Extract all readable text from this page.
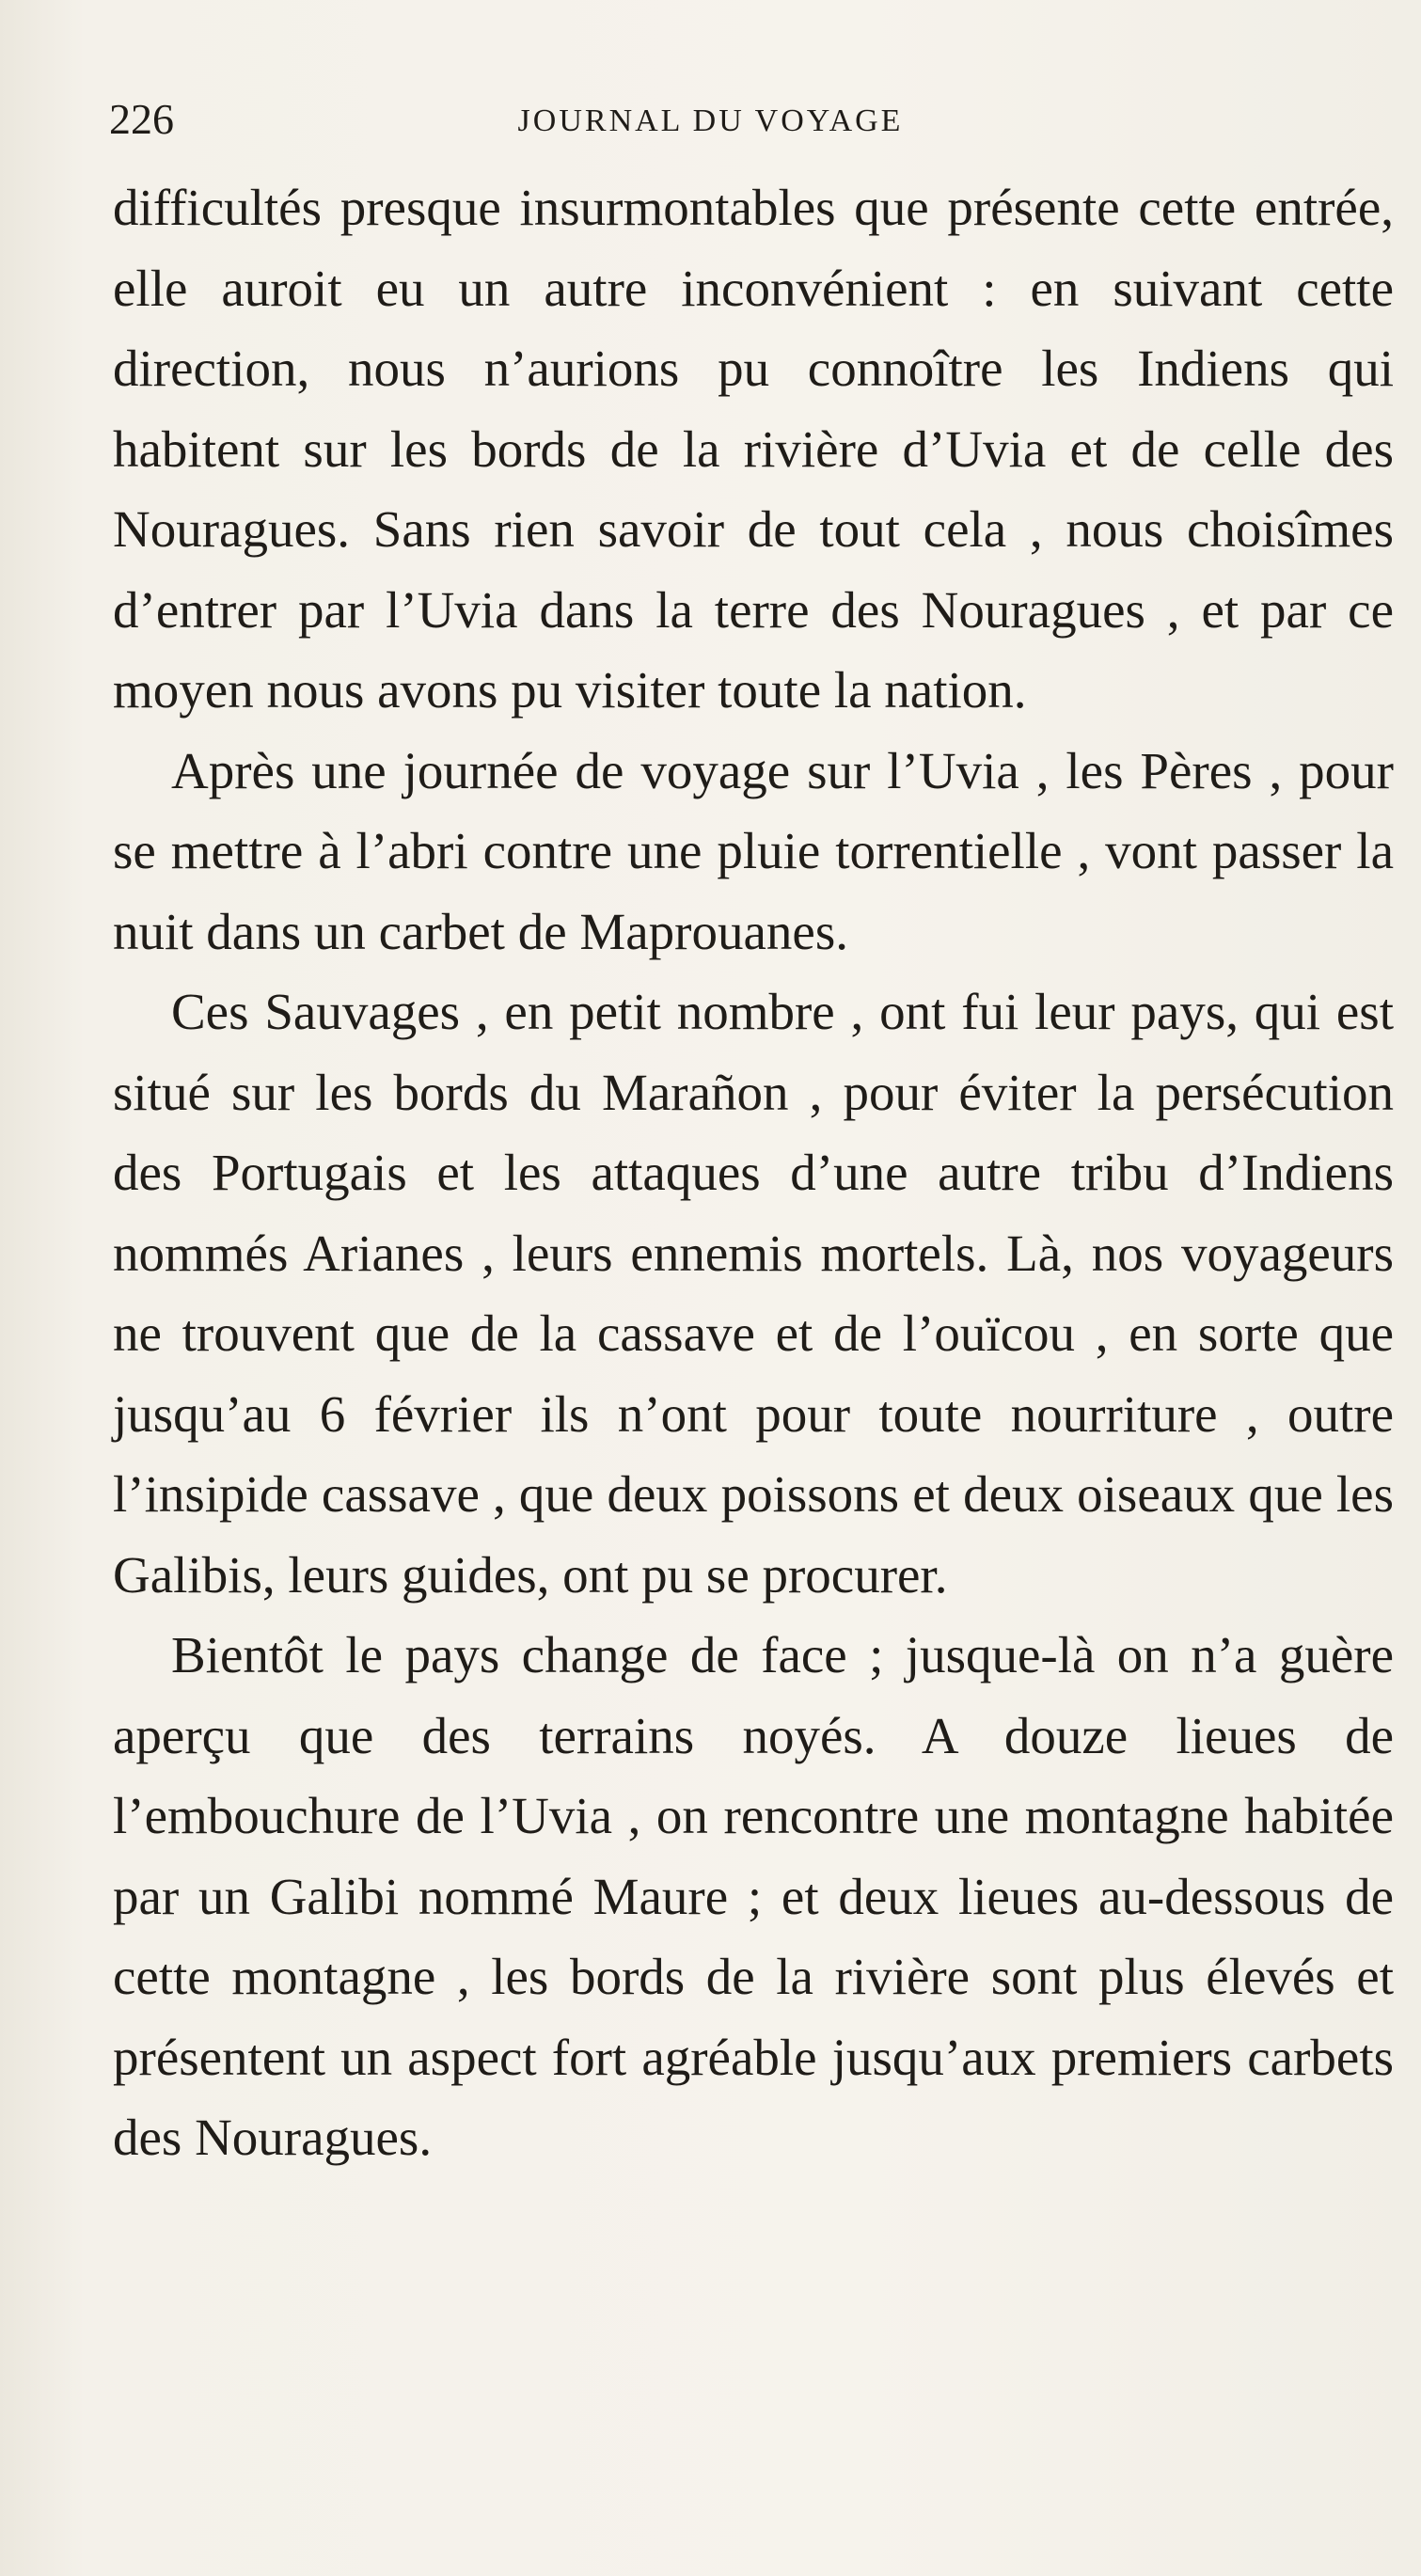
226	JOURNAL DU VOYAGE

difficultés presque insurmontables que présente cette entrée, elle auroit eu un autre inconvénient : en suivant cette direction, nous n’aurions pu connoître les Indiens qui habitent sur les bords de la rivière d’Uvia et de celle des Nouragues. Sans rien savoir de tout cela , nous choisîmes d’entrer par l’Uvia dans la terre des Nouragues , et par ce moyen nous avons pu visiter toute la nation.

Après une journée de voyage sur l’Uvia , les Pères , pour se mettre à l’abri contre une pluie torrentielle , vont passer la nuit dans un carbet de Maprouanes.

Ces Sauvages , en petit nombre , ont fui leur pays, qui est situé sur les bords du Marañon , pour éviter la persécution des Portugais et les attaques d’une autre tribu d’Indiens nommés Arianes , leurs ennemis mortels. Là, nos voyageurs ne trouvent que de la cassave et de l’ouïcou , en sorte que jusqu’au 6 février ils n’ont pour toute nourriture , outre l’insipide cassave , que deux poissons et deux oiseaux que les Galibis, leurs guides, ont pu se procurer.

Bientôt le pays change de face ; jusque-là on n’a guère aperçu que des terrains noyés. A douze lieues de l’embouchure de l’Uvia , on rencontre une montagne habitée par un Galibi nommé Maure ; et deux lieues au-dessous de cette montagne , les bords de la rivière sont plus élevés et présentent un aspect fort agréable jusqu’aux premiers carbets des Nouragues.
